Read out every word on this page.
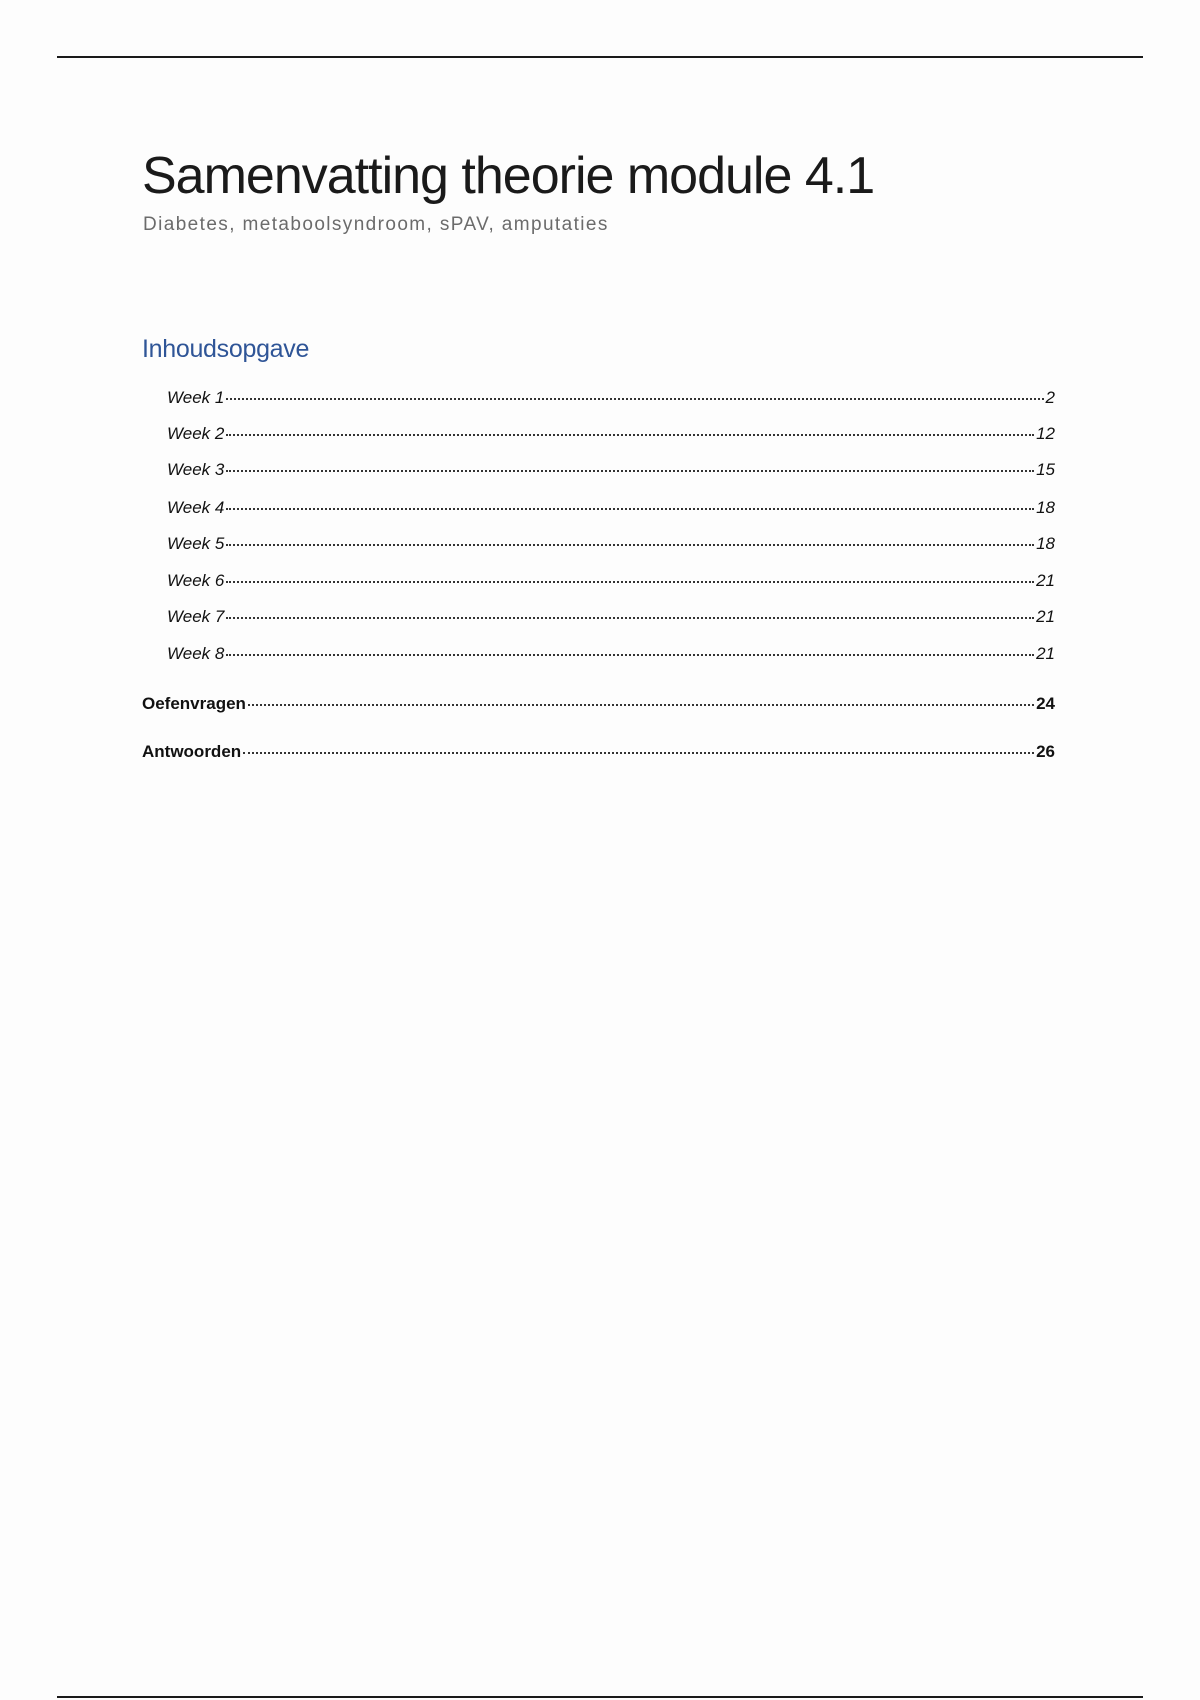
Samenvatting theorie module 4.1
Diabetes, metaboolsyndroom, sPAV, amputaties
Inhoudsopgave
Week 1	2
Week 2	12
Week 3	15
Week 4	18
Week 5	18
Week 6	21
Week 7	21
Week 8	21
Oefenvragen	24
Antwoorden	26
